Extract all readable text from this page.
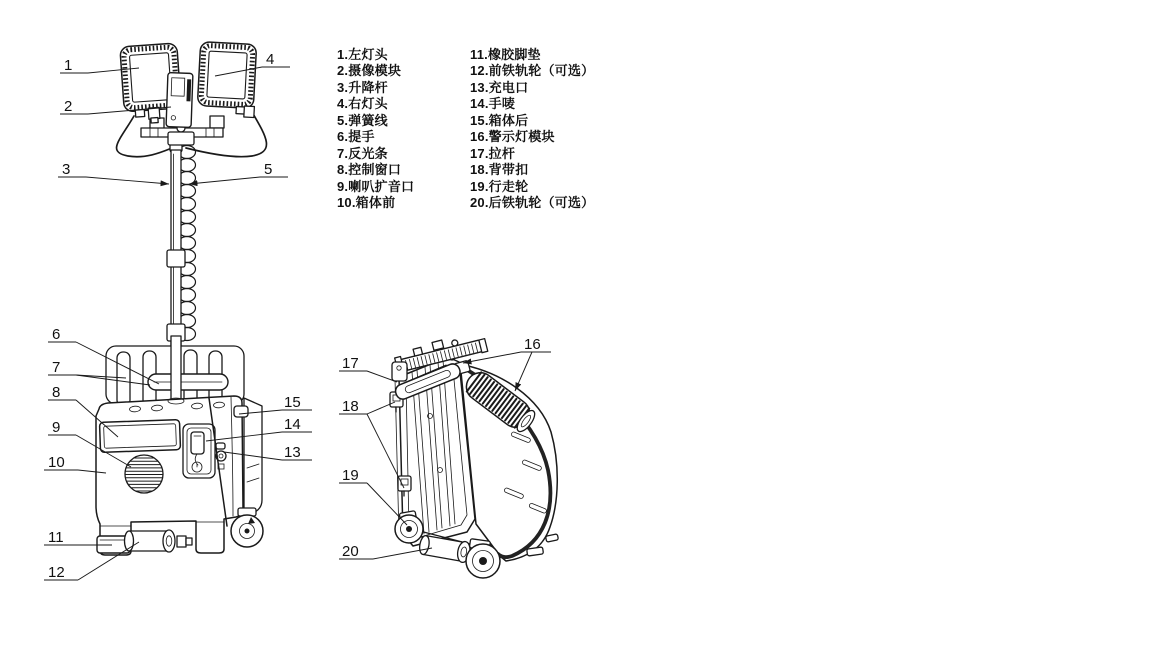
1
2
3
4
5
6
7
8
9
10
11
12
13
14
15
16
17
18
19
20
1.左灯头
2.摄像模块
3.升降杆
4.右灯头
5.弹簧线
6.提手
7.反光条
8.控制窗口
9.喇叭扩音口
10.箱体前
11.橡胶脚垫
12.前铁轨轮（可选）
13.充电口
14.手唛
15.箱体后
16.警示灯模块
17.拉杆
18.背带扣
19.行走轮
20.后铁轨轮（可选）
